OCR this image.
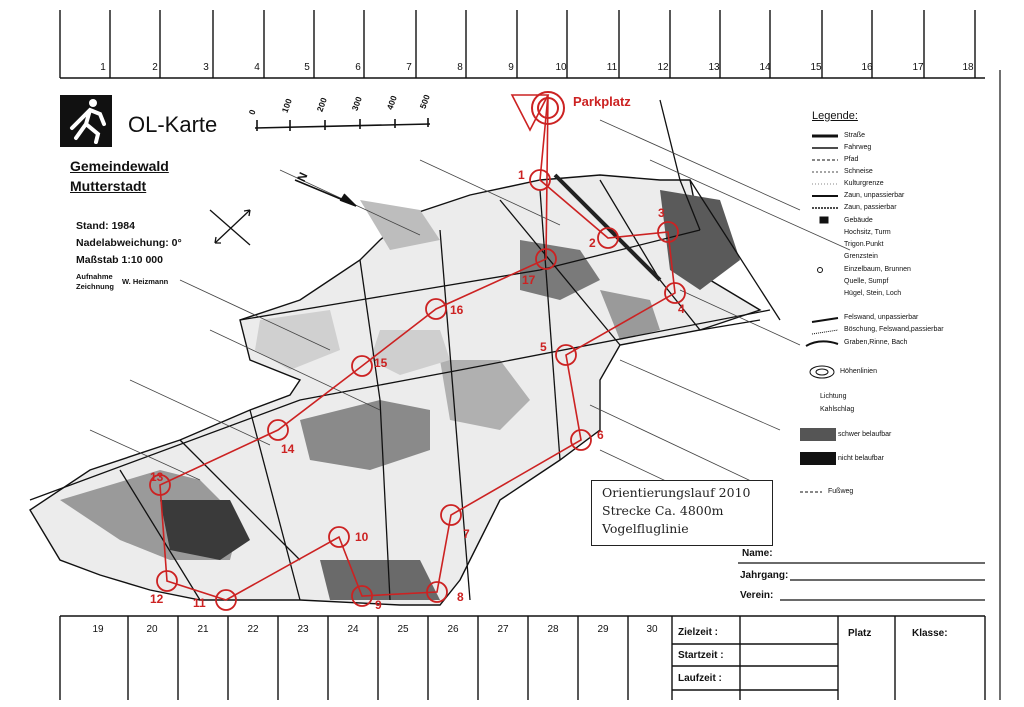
1	2	3	4	5	6	7	8	9	10	11	12	13	14	15	16	17	18
OL-Karte
Gemeindewald
Mutterstadt
Stand: 1984
Nadelabweichung: 0°
Maßstab 1:10 000
Aufnahme
Zeichnung
W. Heizmann
N
0	100 200 300 400 500	Parkplatz
1
2
3
4
5
6
7
8
9
10
11
12
13
14
15
16
17
Legende:
Straße
Fahrweg
Pfad
Schneise
Kulturgrenze
Zaun, unpassierbar
Zaun, passierbar
Gebäude
Hochsitz, Turm
Trigon.Punkt
Grenzstein
Einzelbaum, Brunnen
Quelle, Sumpf
Hügel, Stein, Loch
Felswand, unpassierbar
Böschung, Felswand,passierbar
Graben,Rinne, Bach
Höhenlinien
Lichtung
Kahlschlag
schwer belaufbar
nicht belaufbar
Fußweg
Orientierungslauf 2010
Strecke Ca. 4800m
Vogelfluglinie
Name:
Jahrgang:
Verein:
19	20	21	22	23	24	25	26	27	28	29	30 Zielzeit :
Startzeit :
Laufzeit :
Platz	Klasse:
